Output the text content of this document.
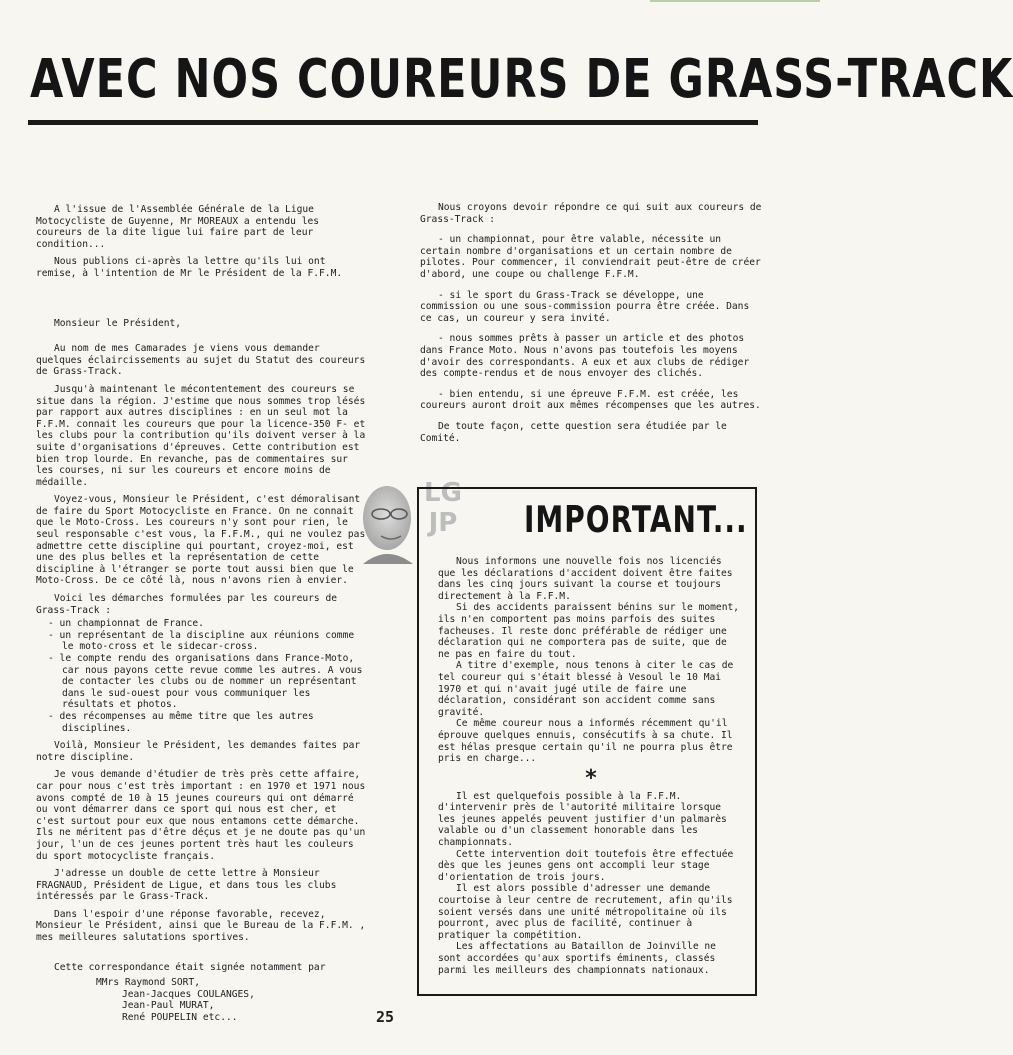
AVEC NOS COUREURS DE GRASS-TRACK

A l'issue de l'Assemblée Générale de la Ligue Motocycliste de Guyenne, Mr MOREAUX a entendu les coureurs de la dite ligue lui faire part de leur condition...

Nous publions ci-après la lettre qu'ils lui ont remise, à l'intention de Mr le Président de la F.F.M.

Monsieur le Président,

Au nom de mes Camarades je viens vous demander quelques éclaircissements au sujet du Statut des coureurs de Grass-Track.

Jusqu'à maintenant le mécontentement des coureurs se situe dans la région. J'estime que nous sommes trop lésés par rapport aux autres disciplines : en un seul mot la F.F.M. connait les coureurs que pour la licence-350 F- et les clubs pour la contribution qu'ils doivent verser à la suite d'organisations d'épreuves. Cette contribution est bien trop lourde. En revanche, pas de commentaires sur les courses, ni sur les coureurs et encore moins de médaille.

Voyez-vous, Monsieur le Président, c'est démoralisant de faire du Sport Motocycliste en France. On ne connait que le Moto-Cross. Les coureurs n'y sont pour rien, le seul responsable c'est vous, la F.F.M., qui ne voulez pas admettre cette discipline qui pourtant, croyez-moi, est une des plus belles et la représentation de cette discipline à l'étranger se porte tout aussi bien que le Moto-Cross. De ce côté là, nous n'avons rien à envier.

Voici les démarches formulées par les coureurs de Grass-Track :

- un championnat de France.

- un représentant de la discipline aux réunions comme le moto-cross et le sidecar-cross.

- le compte rendu des organisations dans France-Moto, car nous payons cette revue comme les autres. A vous de contacter les clubs ou de nommer un représentant dans le sud-ouest pour vous communiquer les résultats et photos.

- des récompenses au même titre que les autres disciplines.

Voilà, Monsieur le Président, les demandes faites par notre discipline.

Je vous demande d'étudier de très près cette affaire, car pour nous c'est très important : en 1970 et 1971 nous avons compté de 10 à 15 jeunes coureurs qui ont démarré ou vont démarrer dans ce sport qui nous est cher, et c'est surtout pour eux que nous entamons cette démarche. Ils ne méritent pas d'être déçus et je ne doute pas qu'un jour, l'un de ces jeunes portent très haut les couleurs du sport motocycliste français.

J'adresse un double de cette lettre à Monsieur FRAGNAUD, Président de Ligue, et dans tous les clubs intéressés par le Grass-Track.

Dans l'espoir d'une réponse favorable, recevez, Monsieur le Président, ainsi que le Bureau de la F.F.M. , mes meilleures salutations sportives.

Cette correspondance était signée notamment par

MMrs Raymond SORT,
Jean-Jacques COULANGES,
Jean-Paul MURAT,
René POUPELIN etc...

Nous croyons devoir répondre ce qui suit aux coureurs de Grass-Track :

- un championnat, pour être valable, nécessite un certain nombre d'organisations et un certain nombre de pilotes. Pour commencer, il conviendrait peut-être de créer d'abord, une coupe ou challenge F.F.M.

- si le sport du Grass-Track se développe, une commission ou une sous-commission pourra être créée. Dans ce cas, un coureur y sera invité.

- nous sommes prêts à passer un article et des photos dans France Moto. Nous n'avons pas toutefois les moyens d'avoir des correspondants. A eux et aux clubs de rédiger des compte-rendus et de nous envoyer des clichés.

- bien entendu, si une épreuve F.F.M. est créée, les coureurs auront droit aux mêmes récompenses que les autres.

De toute façon, cette question sera étudiée par le Comité.

LG
JP	IMPORTANT...

Nous informons une nouvelle fois nos licenciés que les déclarations d'accident doivent être faites dans les cinq jours suivant la course et toujours directement à la F.F.M.

Si des accidents paraissent bénins sur le moment, ils n'en comportent pas moins parfois des suites facheuses. Il reste donc préférable de rédiger une déclaration qui ne comportera pas de suite, que de ne pas en faire du tout.

A titre d'exemple, nous tenons à citer le cas de tel coureur qui s'était blessé à Vesoul le 10 Mai 1970 et qui n'avait jugé utile de faire une déclaration, considérant son accident comme sans gravité.

Ce même coureur nous a informés récemment qu'il éprouve quelques ennuis, consécutifs à sa chute. Il est hélas presque certain qu'il ne pourra plus être pris en charge...

*

Il est quelquefois possible à la F.F.M. d'intervenir près de l'autorité militaire lorsque les jeunes appelés peuvent justifier d'un palmarès valable ou d'un classement honorable dans les championnats.

Cette intervention doit toutefois être effectuée dès que les jeunes gens ont accompli leur stage d'orientation de trois jours.

Il est alors possible d'adresser une demande courtoise à leur centre de recrutement, afin qu'ils soient versés dans une unité métropolitaine où ils pourront, avec plus de facilité, continuer à pratiquer la compétition.

Les affectations au Bataillon de Joinville ne sont accordées qu'aux sportifs éminents, classés parmi les meilleurs des championnats nationaux.

25
